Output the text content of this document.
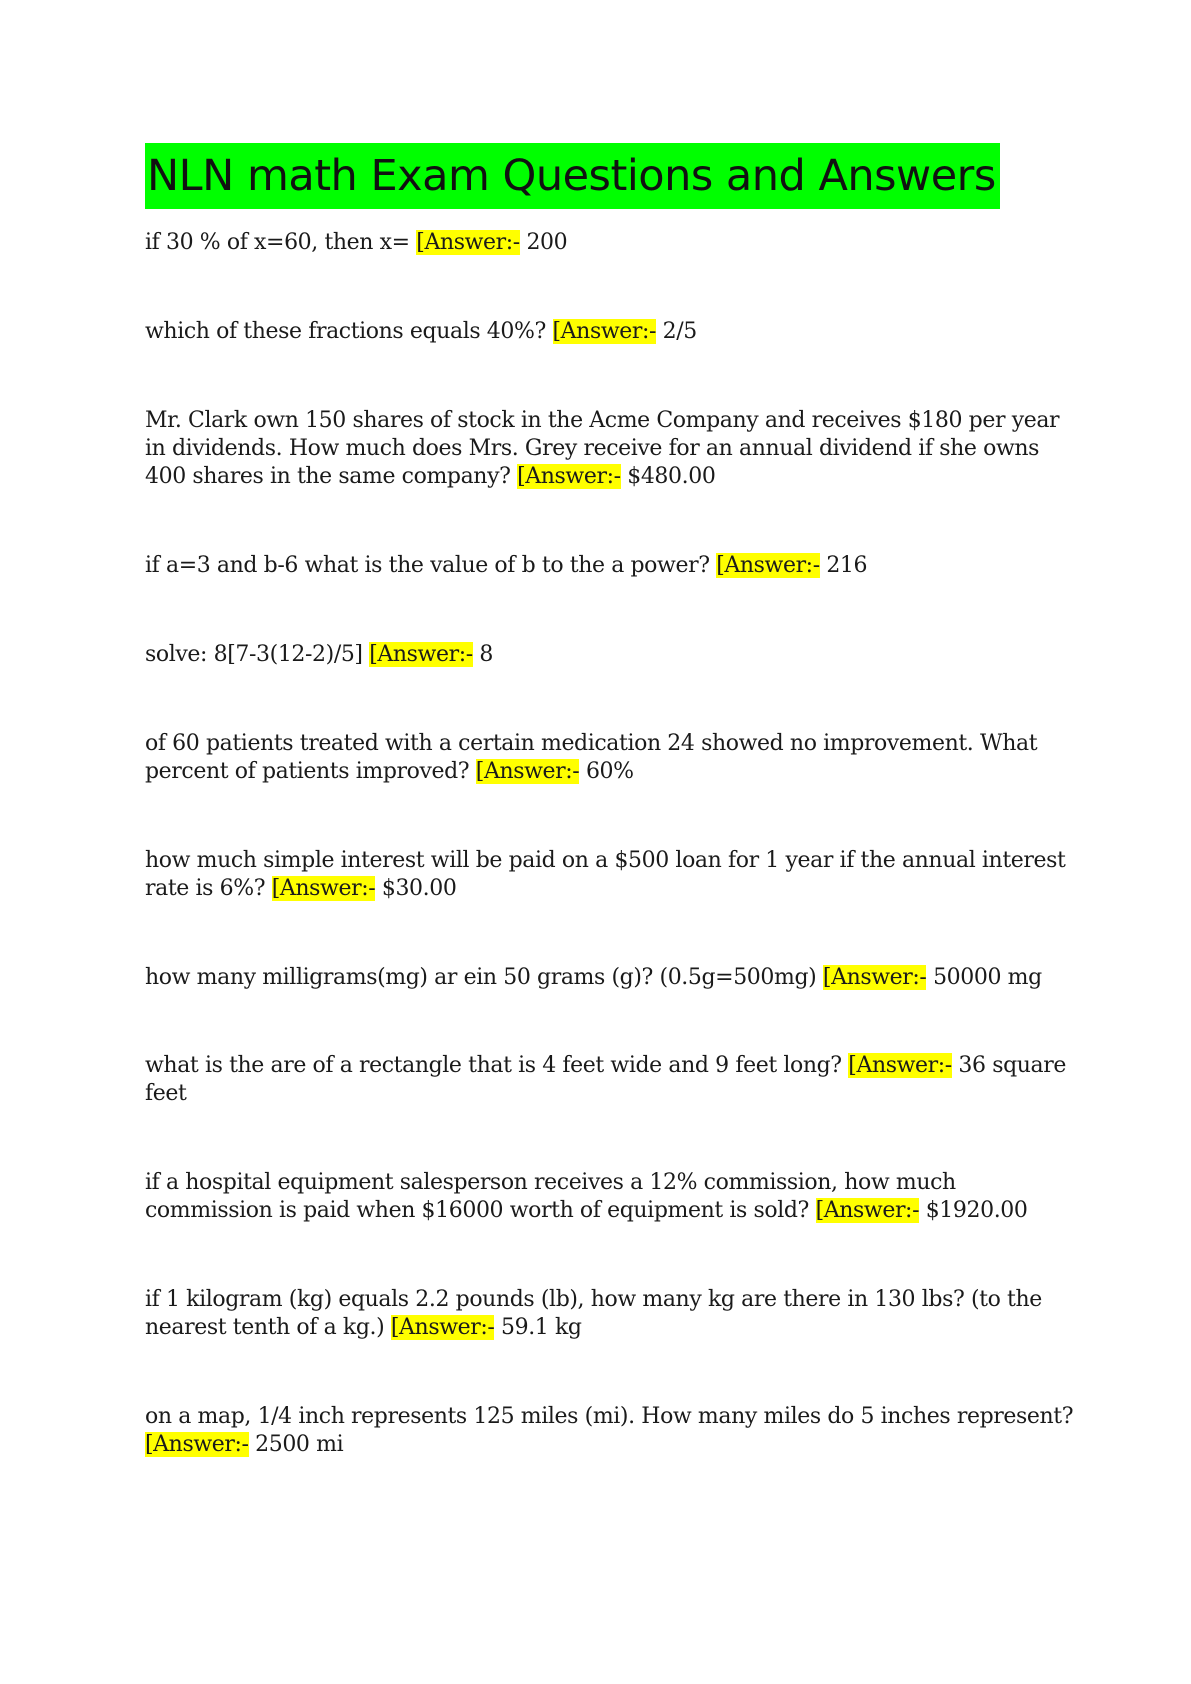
NLN math Exam Questions and Answers

if 30 % of x=60, then x= [Answer:- 200

which of these fractions equals 40%? [Answer:- 2/5

Mr. Clark own 150 shares of stock in the Acme Company and receives $180 per year in dividends. How much does Mrs. Grey receive for an annual dividend if she owns 400 shares in the same company? [Answer:- $480.00

if a=3 and b-6 what is the value of b to the a power? [Answer:- 216

solve: 8[7-3(12-2)/5] [Answer:- 8

of 60 patients treated with a certain medication 24 showed no improvement. What percent of patients improved? [Answer:- 60%

how much simple interest will be paid on a $500 loan for 1 year if the annual interest rate is 6%? [Answer:- $30.00

how many milligrams(mg) ar ein 50 grams (g)? (0.5g=500mg) [Answer:- 50000 mg

what is the are of a rectangle that is 4 feet wide and 9 feet long? [Answer:- 36 square feet

if a hospital equipment salesperson receives a 12% commission, how much commission is paid when $16000 worth of equipment is sold? [Answer:- $1920.00

if 1 kilogram (kg) equals 2.2 pounds (lb), how many kg are there in 130 lbs? (to the nearest tenth of a kg.) [Answer:- 59.1 kg

on a map, 1/4 inch represents 125 miles (mi). How many miles do 5 inches represent? [Answer:- 2500 mi
